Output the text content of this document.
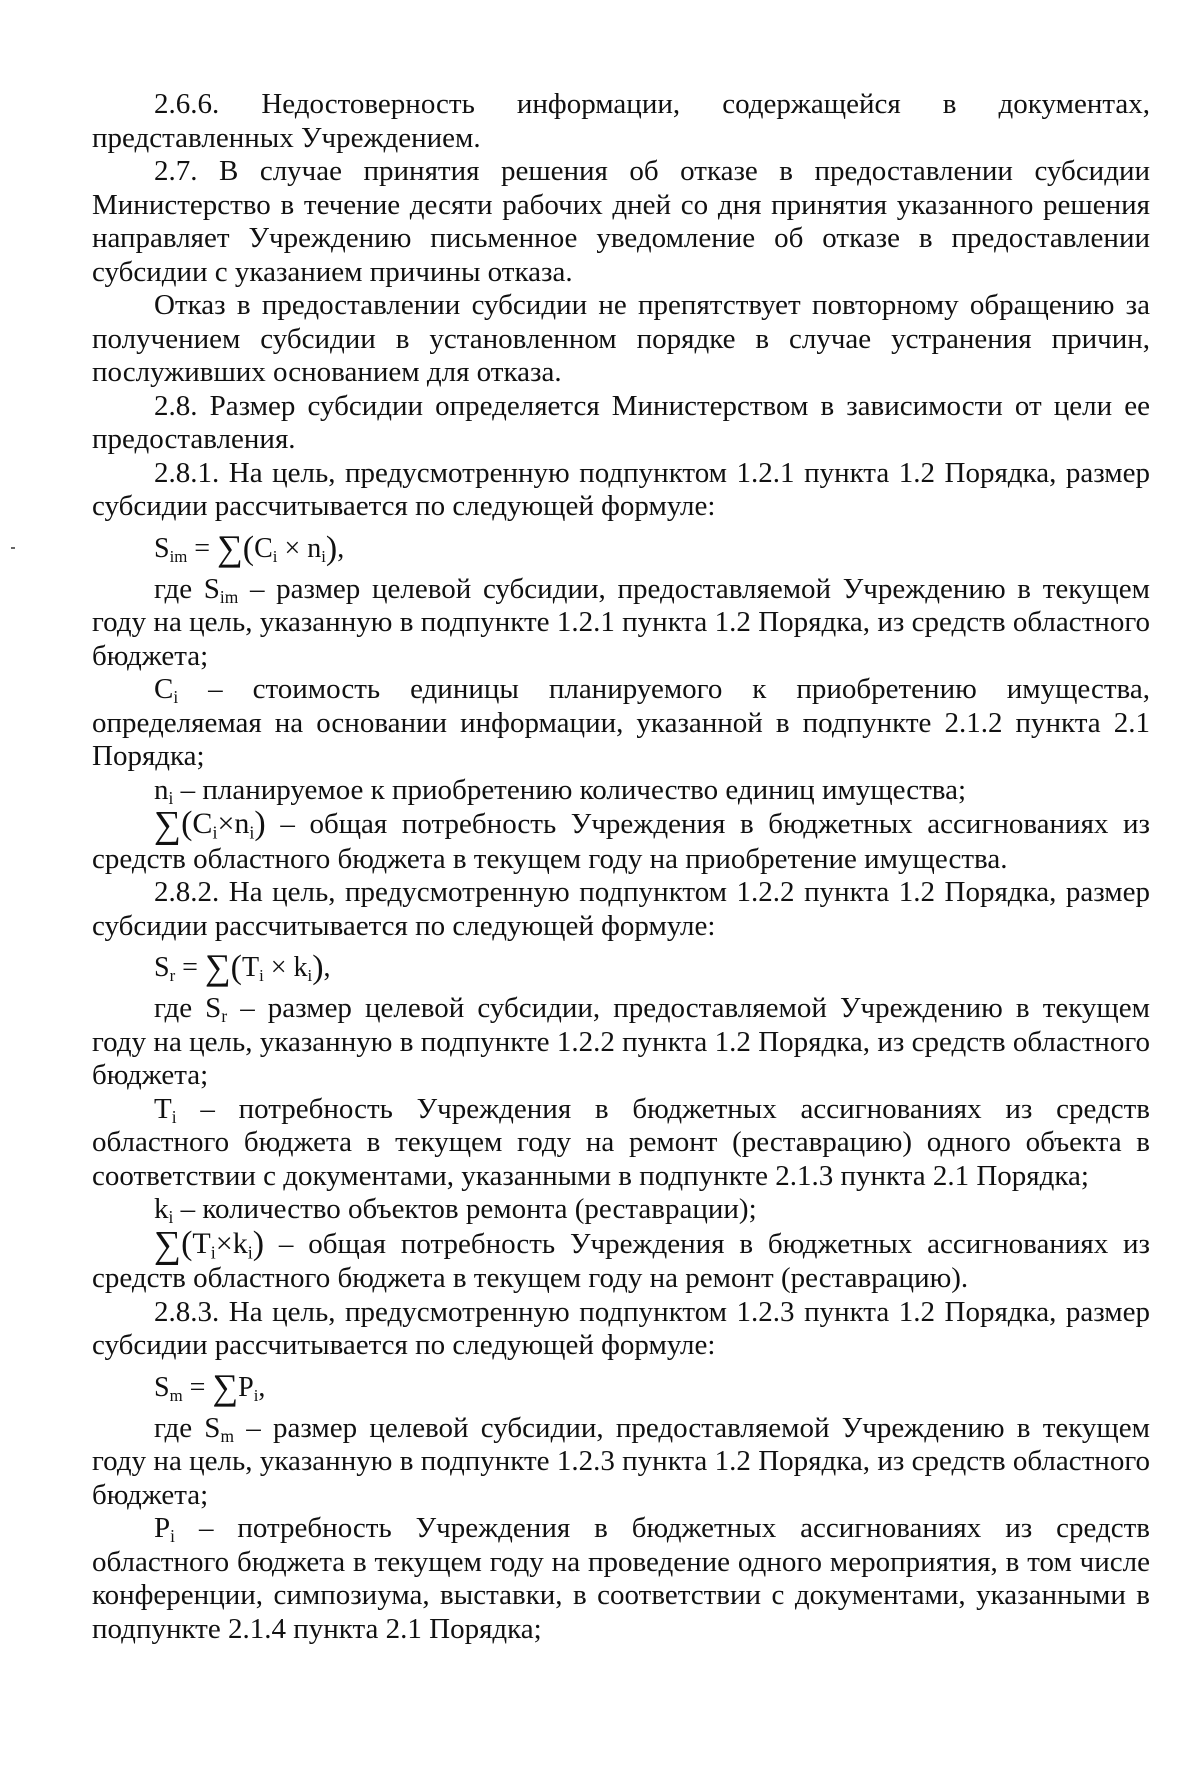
2.6.6. Недостоверность информации, содержащейся в документах, представленных Учреждением.

2.7. В случае принятия решения об отказе в предоставлении субсидии Министерство в течение десяти рабочих дней со дня принятия указанного решения направляет Учреждению письменное уведомление об отказе в предоставлении субсидии с указанием причины отказа.

Отказ в предоставлении субсидии не препятствует повторному обращению за получением субсидии в установленном порядке в случае устранения причин, послуживших основанием для отказа.

2.8. Размер субсидии определяется Министерством в зависимости от цели ее предоставления.

2.8.1. На цель, предусмотренную подпунктом 1.2.1 пункта 1.2 Порядка, размер субсидии рассчитывается по следующей формуле:

$S_{im} = \sum(C_i \times n_i)$,

где $S_{im}$ – размер целевой субсидии, предоставляемой Учреждению в текущем году на цель, указанную в подпункте 1.2.1 пункта 1.2 Порядка, из средств областного бюджета;

$C_i$ – стоимость единицы планируемого к приобретению имущества, определяемая на основании информации, указанной в подпункте 2.1.2 пункта 2.1 Порядка;

$n_i$ – планируемое к приобретению количество единиц имущества;

$\sum(C_i\times n_i)$ – общая потребность Учреждения в бюджетных ассигнованиях из средств областного бюджета в текущем году на приобретение имущества.

2.8.2. На цель, предусмотренную подпунктом 1.2.2 пункта 1.2 Порядка, размер субсидии рассчитывается по следующей формуле:

$S_r = \sum(T_i \times k_i)$,

где $S_r$ – размер целевой субсидии, предоставляемой Учреждению в текущем году на цель, указанную в подпункте 1.2.2 пункта 1.2 Порядка, из средств областного бюджета;

$T_i$ – потребность Учреждения в бюджетных ассигнованиях из средств областного бюджета в текущем году на ремонт (реставрацию) одного объекта в соответствии с документами, указанными в подпункте 2.1.3 пункта 2.1 Порядка;

$k_i$ – количество объектов ремонта (реставрации);

$\sum(T_i\times k_i)$ – общая потребность Учреждения в бюджетных ассигнованиях из средств областного бюджета в текущем году на ремонт (реставрацию).

2.8.3. На цель, предусмотренную подпунктом 1.2.3 пункта 1.2 Порядка, размер субсидии рассчитывается по следующей формуле:

$S_m = \sum P_i$,

где $S_m$ – размер целевой субсидии, предоставляемой Учреждению в текущем году на цель, указанную в подпункте 1.2.3 пункта 1.2 Порядка, из средств областного бюджета;

$P_i$ – потребность Учреждения в бюджетных ассигнованиях из средств областного бюджета в текущем году на проведение одного мероприятия, в том числе конференции, симпозиума, выставки, в соответствии с документами, указанными в подпункте 2.1.4 пункта 2.1 Порядка;
